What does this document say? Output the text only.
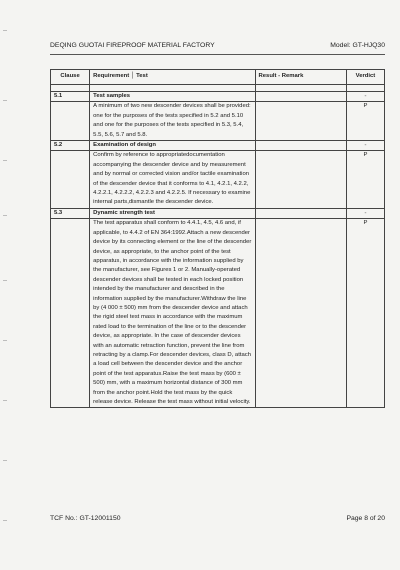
DEQING GUOTAI FIREPROOF MATERIAL FACTORY	Model: GT-HJQ30
Clause	Requirement │ Test	Result - Remark	Verdict

5.1	Test samples		-
	A minimum of two new descender devices shall be provided: one for the purposes of the tests specified in 5.2 and 5.10 and one for the purposes of the tests specified in 5.3, 5.4, 5.5, 5.6, 5.7 and 5.8.		P
5.2	Examination of design		-
	Confirm by reference to appropriatedocumentation accompanying the descender device and by measurement and by normal or corrected vision and/or tactile examination of the descender device that it conforms to 4.1, 4.2.1, 4.2.2, 4.2.2.1, 4.2.2.2, 4.2.2.3 and 4.2.2.5. If necessary to examine internal parts,dismantle the descender device.		P
5.3	Dynamic strength test		-
	The test apparatus shall conform to 4.4.1, 4.5, 4.6 and, if applicable, to 4.4.2 of EN 364:1992.Attach a new descender device by its connecting element or the line of the descender device, as appropriate, to the anchor point of the test apparatus, in accordance with the information supplied by the manufacturer, see Figures 1 or 2. Manually-operated descender devices shall be tested in each locked position intended by the manufacturer and described in the information supplied by the manufacturer.Withdraw the line by (4 000 ± 500) mm from the descender device and attach the rigid steel test mass in accordance with the maximum rated load to the termination of the line or to the descender device, as appropriate. In the case of descender devices with an automatic retraction function, prevent the line from retracting by a clamp.For descender devices, class D, attach a load cell between the descender device and the anchor point of the test apparatus.Raise the test mass by (600 ± 500) mm, with a maximum horizontal distance of 300 mm from the anchor point.Hold the test mass by the quick release device. Release the test mass without initial velocity.		P
TCF No.: GT-12001150	Page 8 of 20
